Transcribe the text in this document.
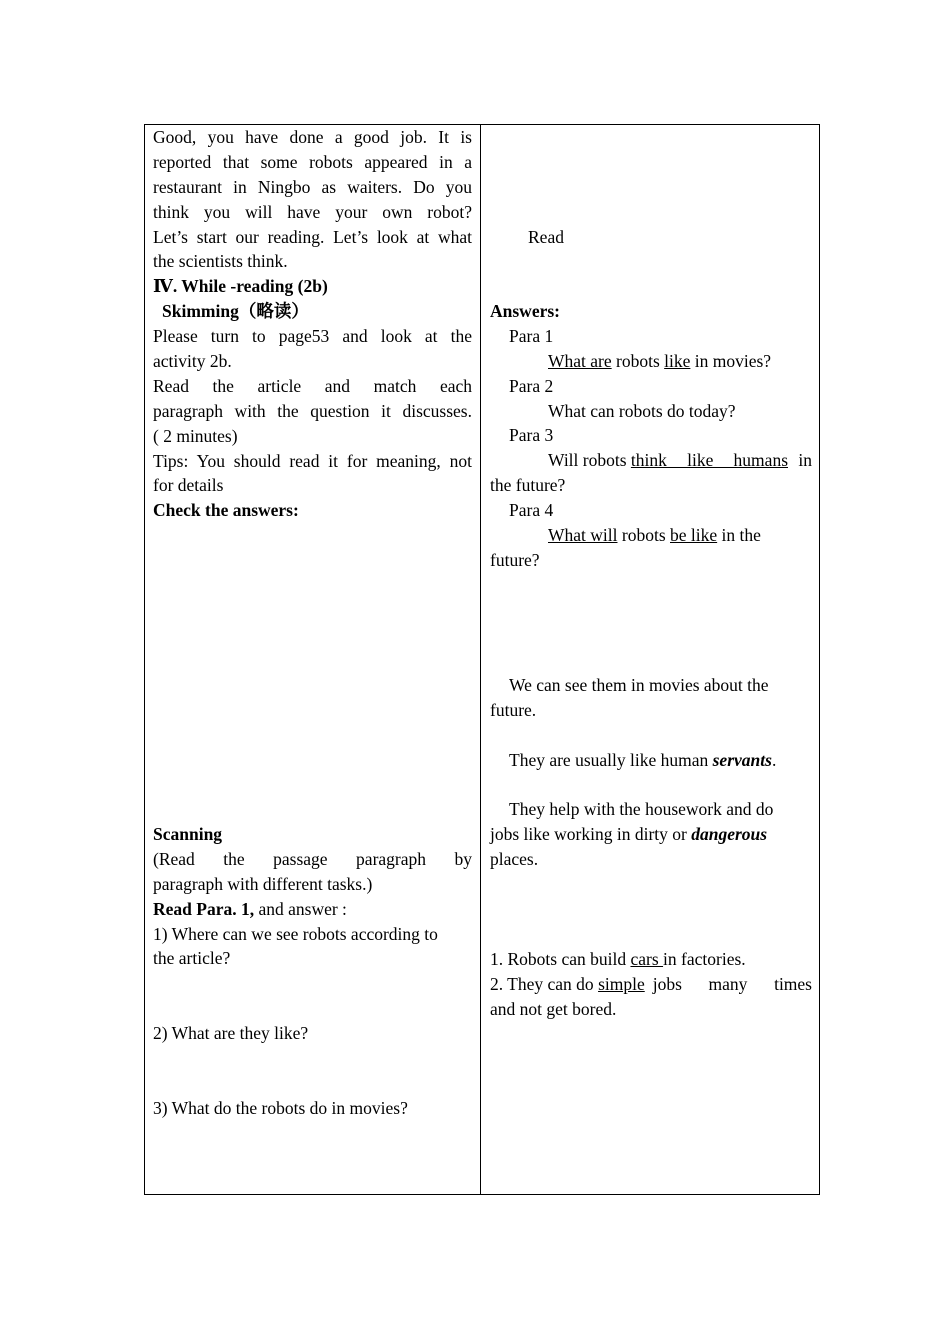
Good, you have done a good job. It is
reported that some robots appeared in a
restaurant in Ningbo as waiters. Do you
think you will have your own robot?
Let’s start our reading. Let’s look at what
the scientists think.
Ⅳ. While -reading (2b)
Skimming（略读）
Please turn to page53 and look at the
activity 2b.
Read the article and match each
paragraph with the question it discusses.
( 2 minutes)
Tips: You should read it for meaning, not
for details
Check the answers:
Scanning
(Read the passage paragraph by
paragraph with different tasks.)
Read Para. 1, and answer :
1) Where can we see robots according to
the article?
2) What are they like?
3) What do the robots do in movies?
Read
Answers:
Para 1
What are robots like in movies?
Para 2
What can robots do today?
Para 3
Will robots think like humans in
the future?
Para 4
What will robots be like in the
future?
We can see them in movies about the
future.
They are usually like human servants.
They help with the housework and do
jobs like working in dirty or dangerous
places.
1. Robots can build cars in factories.
2. They can do simple jobs many times
and not get bored.
